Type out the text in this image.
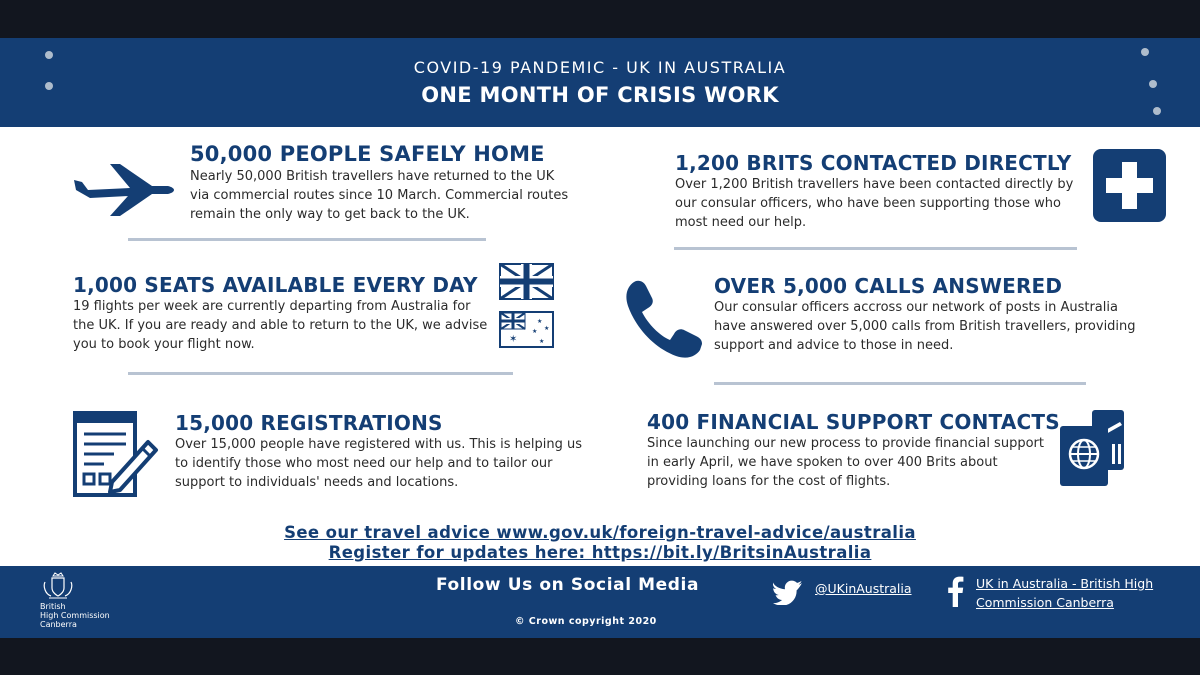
COVID-19 PANDEMIC - UK IN AUSTRALIA
ONE MONTH OF CRISIS WORK
50,000 PEOPLE SAFELY HOME
Nearly 50,000 British travellers have returned to the UK via commercial routes since 10 March. Commercial routes remain the only way to get back to the UK.
1,200 BRITS CONTACTED DIRECTLY
Over 1,200 British travellers have been contacted directly by our consular officers, who have been supporting those who most need our help.
1,000 SEATS AVAILABLE EVERY DAY
19 flights per week are currently departing from Australia for the UK. If you are ready and able to return to the UK, we advise you to book your flight now.	✶
★
★
★
★
OVER 5,000 CALLS ANSWERED
Our consular officers accross our network of posts in Australia have answered over 5,000 calls from British travellers, providing support and advice to those in need.
15,000 REGISTRATIONS
Over 15,000 people have registered with us. This is helping us to identify those who most need our help and to tailor our support to individuals' needs and locations.
400 FINANCIAL SUPPORT CONTACTS
Since launching our new process to provide financial support in early April, we have spoken to over 400 Brits about providing loans for the cost of flights.
See our travel advice www.gov.uk/foreign-travel-advice/australia
Register for updates here: https://bit.ly/BritsinAustralia
British
High Commission
Canberra
Follow Us on Social Media
© Crown copyright 2020
@UKinAustralia	UK in Australia - British High
Commission Canberra
